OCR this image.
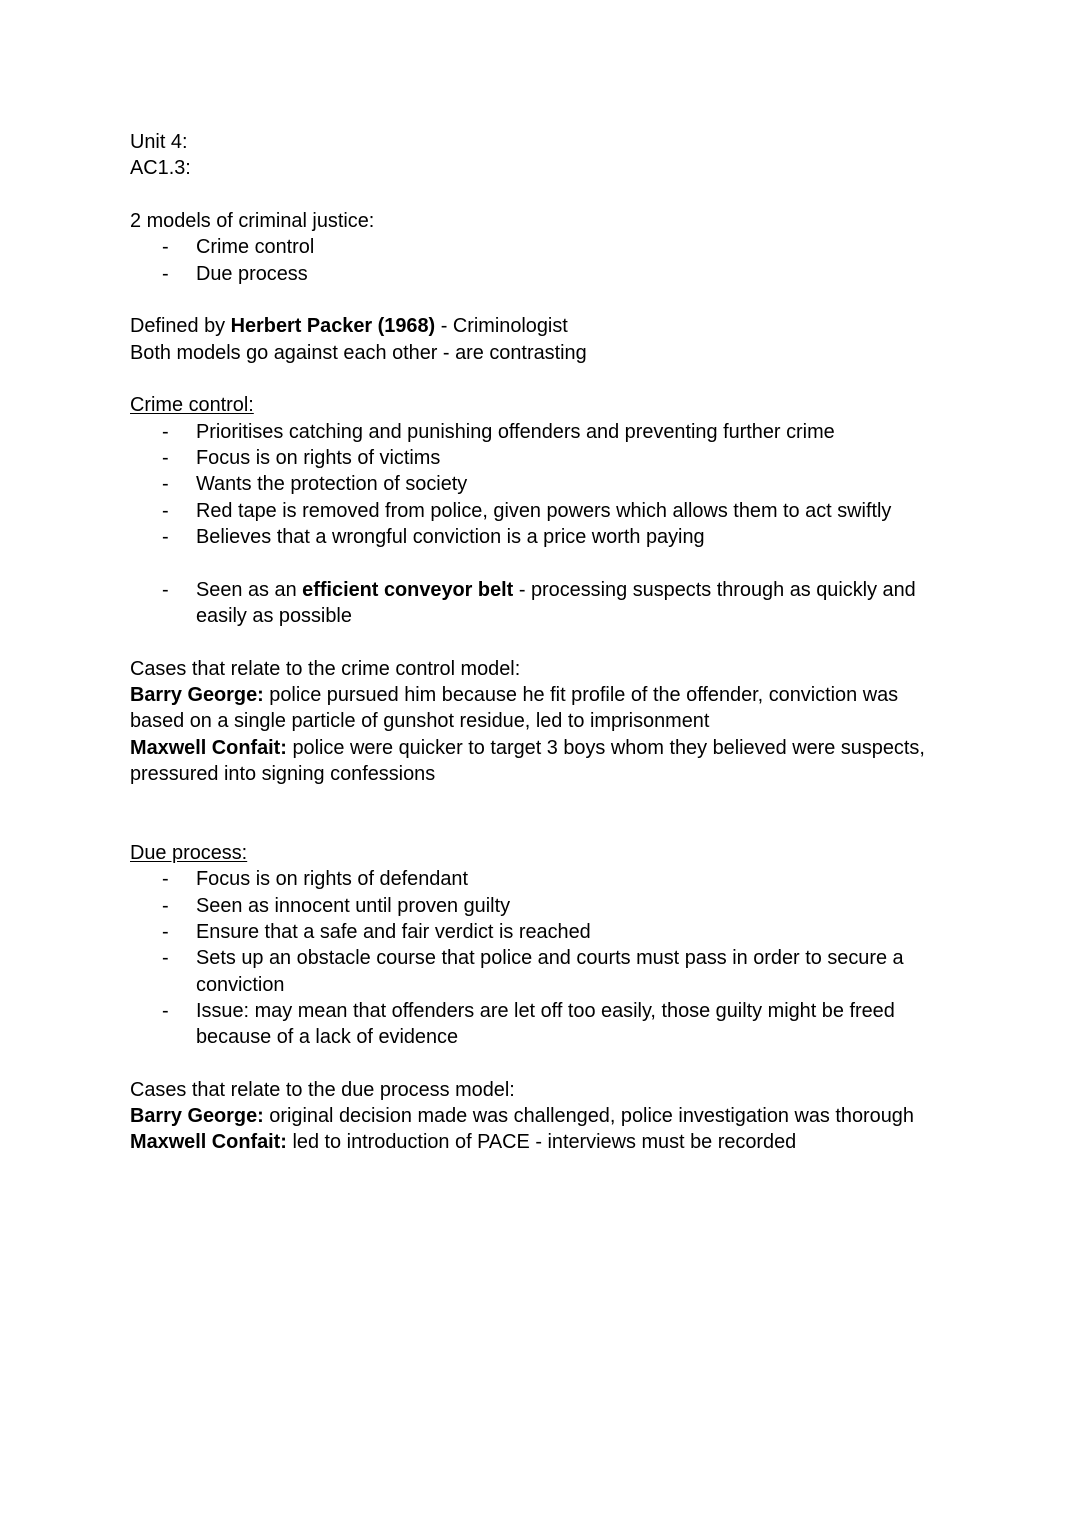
Unit 4:

AC1.3:

2 models of criminal justice:

- Crime control
- Due process

Defined by Herbert Packer (1968) - Criminologist

Both models go against each other - are contrasting

Crime control:

- Prioritises catching and punishing offenders and preventing further crime
- Focus is on rights of victims
- Wants the protection of society
- Red tape is removed from police, given powers which allows them to act swiftly
- Believes that a wrongful conviction is a price worth paying
- Seen as an efficient conveyor belt - processing suspects through as quickly and easily as possible

Cases that relate to the crime control model:

Barry George: police pursued him because he fit profile of the offender, conviction was based on a single particle of gunshot residue, led to imprisonment

Maxwell Confait: police were quicker to target 3 boys whom they believed were suspects, pressured into signing confessions

Due process:

- Focus is on rights of defendant
- Seen as innocent until proven guilty
- Ensure that a safe and fair verdict is reached
- Sets up an obstacle course that police and courts must pass in order to secure a conviction
- Issue: may mean that offenders are let off too easily, those guilty might be freed because of a lack of evidence

Cases that relate to the due process model:

Barry George: original decision made was challenged, police investigation was thorough

Maxwell Confait: led to introduction of PACE - interviews must be recorded
